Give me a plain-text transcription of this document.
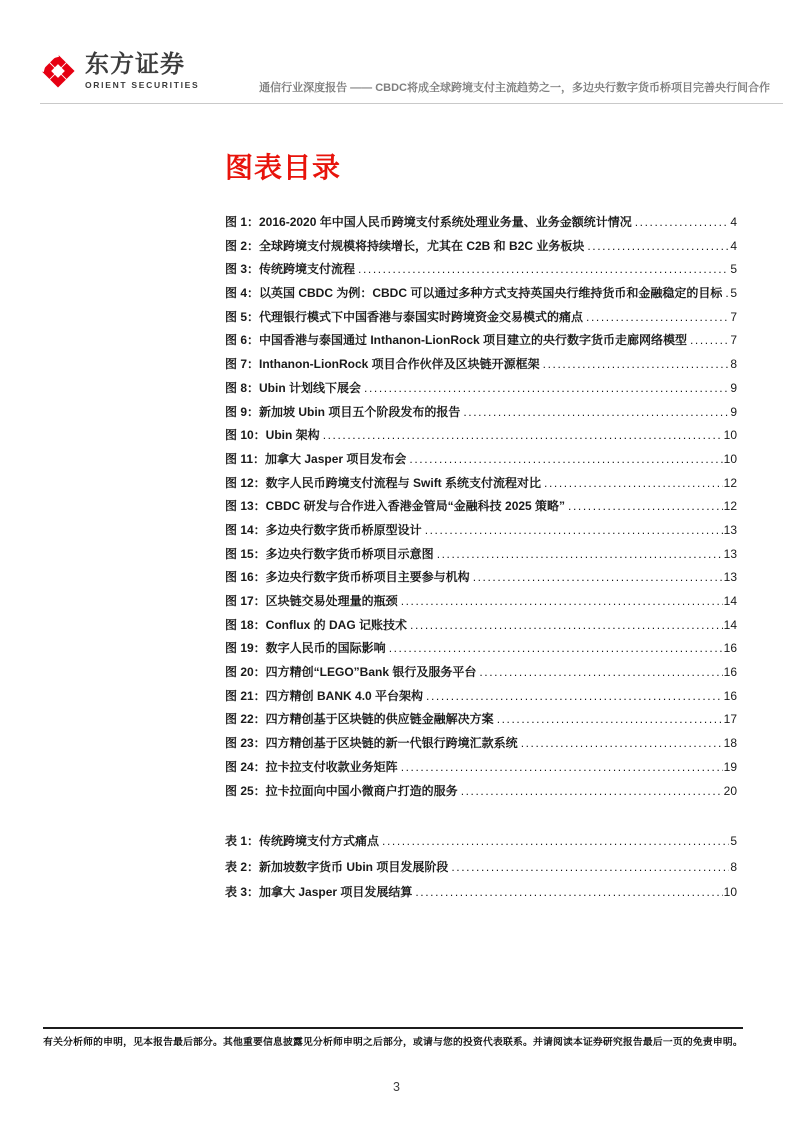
东方证券
ORIENT SECURITIES	通信行业深度报告 —— CBDC将成全球跨境支付主流趋势之一，多边央行数字货币桥项目完善央行间合作
图表目录
图 1：2016-2020 年中国人民币跨境支付系统处理业务量、业务金额统计情况 .....	4
图 2：全球跨境支付规模将持续增长，尤其在 C2B 和 B2C 业务板块 .....	4
图 3：传统跨境支付流程 .....	5
图 4：以英国 CBDC 为例：CBDC 可以通过多种方式支持英国央行维持货币和金融稳定的目标 ..... 5
图 5：代理银行模式下中国香港与泰国实时跨境资金交易模式的痛点 .....	7
图 6：中国香港与泰国通过 Inthanon-LionRock 项目建立的央行数字货币走廊网络模型 .....	7
图 7：Inthanon-LionRock 项目合作伙伴及区块链开源框架 .....	8
图 8：Ubin 计划线下展会 .....	9
图 9：新加坡 Ubin 项目五个阶段发布的报告 .....	9
图 10：Ubin 架构 .....	10
图 11：加拿大 Jasper 项目发布会 .....	10
图 12：数字人民币跨境支付流程与 Swift 系统支付流程对比 .....	12
图 13：CBDC 研发与合作进入香港金管局“金融科技 2025 策略” .....	12
图 14：多边央行数字货币桥原型设计 .....	13
图 15：多边央行数字货币桥项目示意图 .....	13
图 16：多边央行数字货币桥项目主要参与机构 .....	13
图 17：区块链交易处理量的瓶颈 .....	14
图 18：Conflux 的 DAG 记账技术 .....	14
图 19：数字人民币的国际影响 .....	16
图 20：四方精创“LEGO”Bank 银行及服务平台 .....	16
图 21：四方精创 BANK 4.0 平台架构 .....	16
图 22：四方精创基于区块链的供应链金融解决方案 .....	17
图 23：四方精创基于区块链的新一代银行跨境汇款系统 .....	18
图 24：拉卡拉支付收款业务矩阵 .....	19
图 25：拉卡拉面向中国小微商户打造的服务 .....	20
表 1：传统跨境支付方式痛点 .....	5
表 2：新加坡数字货币 Ubin 项目发展阶段 .....	8
表 3：加拿大 Jasper 项目发展结算 .....	10
有关分析师的申明，见本报告最后部分。其他重要信息披露见分析师申明之后部分，或请与您的投资代表联系。并请阅读本证券研究报告最后一页的免责申明。
3
